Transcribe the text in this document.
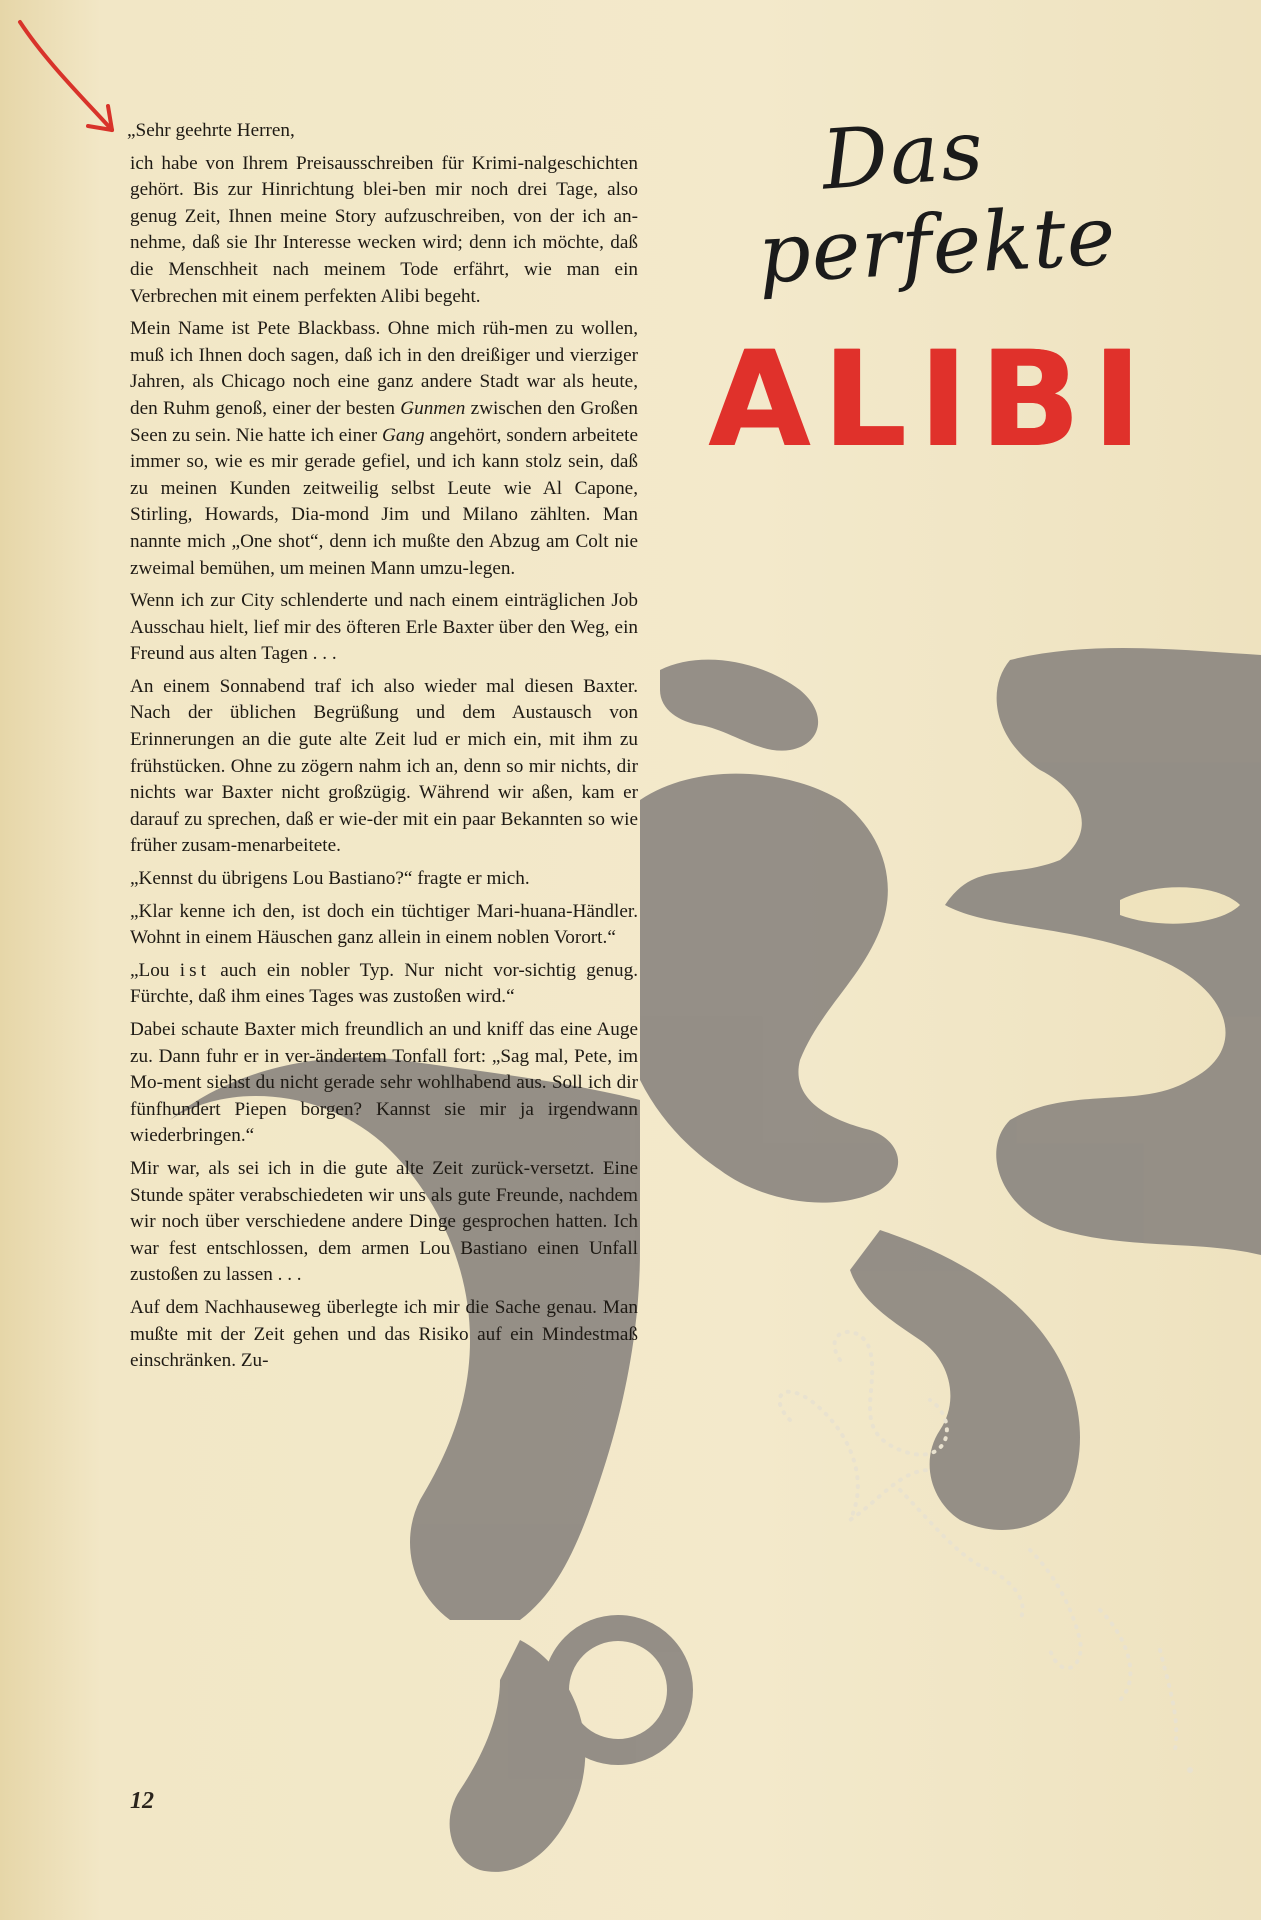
Das
perfekte
ALIBI

„Sehr geehrte Herren,

ich habe von Ihrem Preisausschreiben für Krimi-nalgeschichten gehört. Bis zur Hinrichtung blei-ben mir noch drei Tage, also genug Zeit, Ihnen meine Story aufzuschreiben, von der ich an-nehme, daß sie Ihr Interesse wecken wird; denn ich möchte, daß die Menschheit nach meinem Tode erfährt, wie man ein Verbrechen mit einem perfekten Alibi begeht.

Mein Name ist Pete Blackbass. Ohne mich rüh-men zu wollen, muß ich Ihnen doch sagen, daß ich in den dreißiger und vierziger Jahren, als Chicago noch eine ganz andere Stadt war als heute, den Ruhm genoß, einer der besten Gunmen zwischen den Großen Seen zu sein. Nie hatte ich einer Gang angehört, sondern arbeitete immer so, wie es mir gerade gefiel, und ich kann stolz sein, daß zu meinen Kunden zeitweilig selbst Leute wie Al Capone, Stirling, Howards, Dia-mond Jim und Milano zählten. Man nannte mich „One shot“, denn ich mußte den Abzug am Colt nie zweimal bemühen, um meinen Mann umzu-legen.

Wenn ich zur City schlenderte und nach einem einträglichen Job Ausschau hielt, lief mir des öfteren Erle Baxter über den Weg, ein Freund aus alten Tagen . . .

An einem Sonnabend traf ich also wieder mal diesen Baxter. Nach der üblichen Begrüßung und dem Austausch von Erinnerungen an die gute alte Zeit lud er mich ein, mit ihm zu frühstücken. Ohne zu zögern nahm ich an, denn so mir nichts, dir nichts war Baxter nicht großzügig. Während wir aßen, kam er darauf zu sprechen, daß er wie-der mit ein paar Bekannten so wie früher zusam-menarbeitete.

„Kennst du übrigens Lou Bastiano?“ fragte er mich.

„Klar kenne ich den, ist doch ein tüchtiger Mari-huana-Händler. Wohnt in einem Häuschen ganz allein in einem noblen Vorort.“

„Lou ist auch ein nobler Typ. Nur nicht vor-sichtig genug. Fürchte, daß ihm eines Tages was zustoßen wird.“

Dabei schaute Baxter mich freundlich an und kniff das eine Auge zu. Dann fuhr er in ver-ändertem Tonfall fort: „Sag mal, Pete, im Mo-ment siehst du nicht gerade sehr wohlhabend aus. Soll ich dir fünfhundert Piepen borgen? Kannst sie mir ja irgendwann wiederbringen.“

Mir war, als sei ich in die gute alte Zeit zurück-versetzt. Eine Stunde später verabschiedeten wir uns als gute Freunde, nachdem wir noch über verschiedene andere Dinge gesprochen hatten. Ich war fest entschlossen, dem armen Lou Bastiano einen Unfall zustoßen zu lassen . . .

Auf dem Nachhauseweg überlegte ich mir die Sache genau. Man mußte mit der Zeit gehen und das Risiko auf ein Mindestmaß einschränken. Zu-

12
